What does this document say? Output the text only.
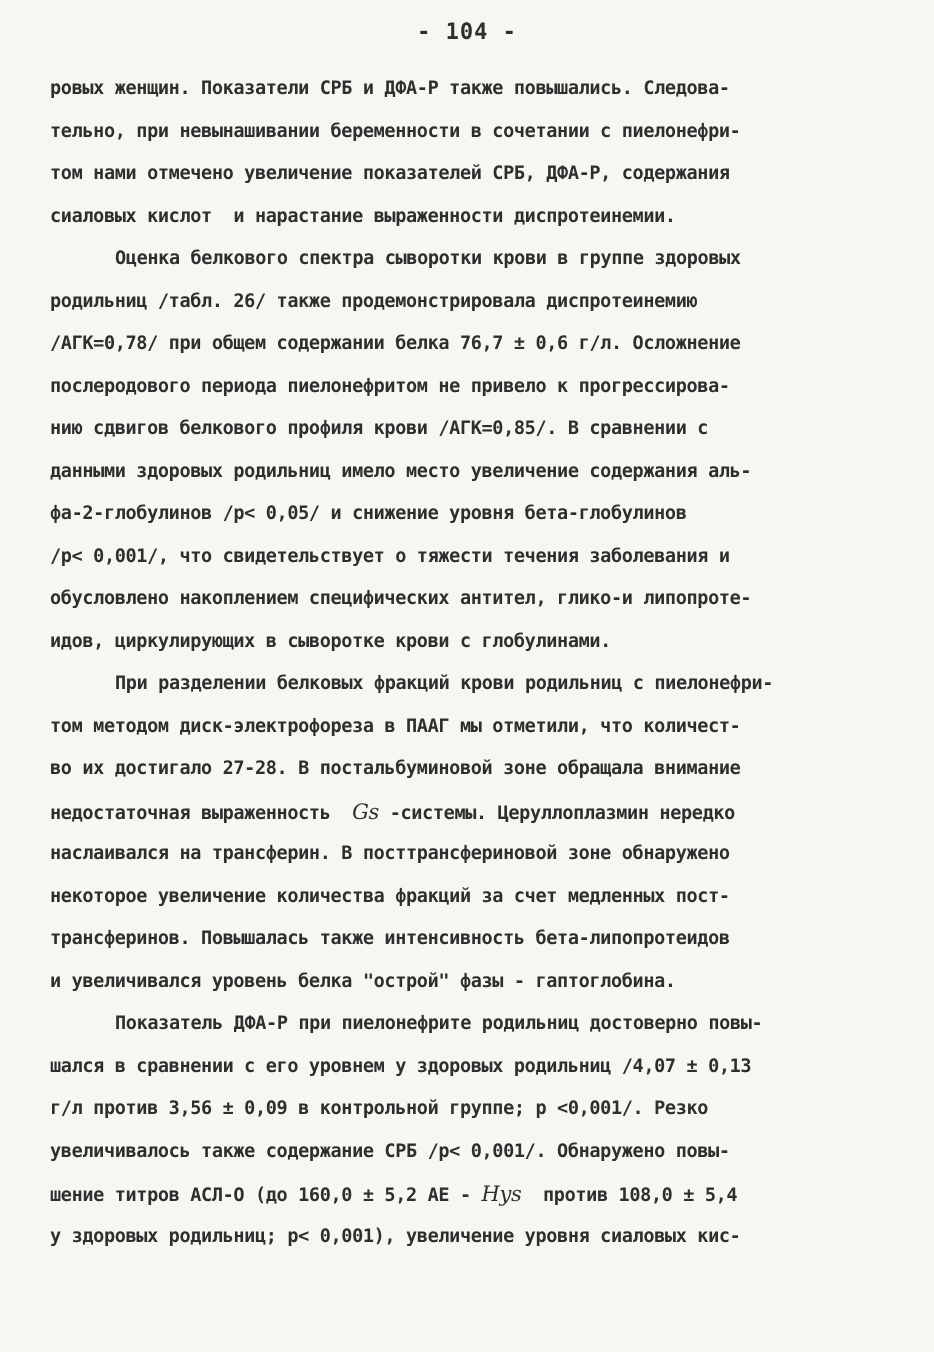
- 104 -
ровых женщин. Показатели СРБ и ДФА-Р также повышались. Следова-
тельно, при невынашивании беременности в сочетании с пиелонефри-
том нами отмечено увеличение показателей СРБ, ДФА-Р, содержания
сиаловых кислот  и нарастание выраженности диспротеинемии.
Оценка белкового спектра сыворотки крови в группе здоровых
родильниц /табл. 26/ также продемонстрировала диспротеинемию
/АГК=0,78/ при общем содержании белка 76,7 ± 0,6 г/л. Осложнение
послеродового периода пиелонефритом не привело к прогрессирова-
нию сдвигов белкового профиля крови /АГК=0,85/. В сравнении с
данными здоровых родильниц имело место увеличение содержания аль-
фа-2-глобулинов /р< 0,05/ и снижение уровня бета-глобулинов
/р< 0,001/, что свидетельствует о тяжести течения заболевания и
обусловлено накоплением специфических антител, глико-и липопроте-
идов, циркулирующих в сыворотке крови с глобулинами.
При разделении белковых фракций крови родильниц с пиелонефри-
том методом диск-электрофореза в ПААГ мы отметили, что количест-
во их достигало 27-28. В постальбуминовой зоне обращала внимание
недостаточная выраженность  Gs -системы. Церуллоплазмин нередко
наслаивался на трансферин. В посттрансфериновой зоне обнаружено
некоторое увеличение количества фракций за счет медленных пост-
трансферинов. Повышалась также интенсивность бета-липопротеидов
и увеличивался уровень белка "острой" фазы - гаптоглобина.
Показатель ДФА-Р при пиелонефрите родильниц достоверно повы-
шался в сравнении с его уровнем у здоровых родильниц /4,07 ± 0,13
г/л против 3,56 ± 0,09 в контрольной группе; р <0,001/. Резко
увеличивалось также содержание СРБ /р< 0,001/. Обнаружено повы-
шение титров АСЛ-О (до 160,0 ± 5,2 АЕ - Hys  против 108,0 ± 5,4
у здоровых родильниц; р< 0,001), увеличение уровня сиаловых кис-
